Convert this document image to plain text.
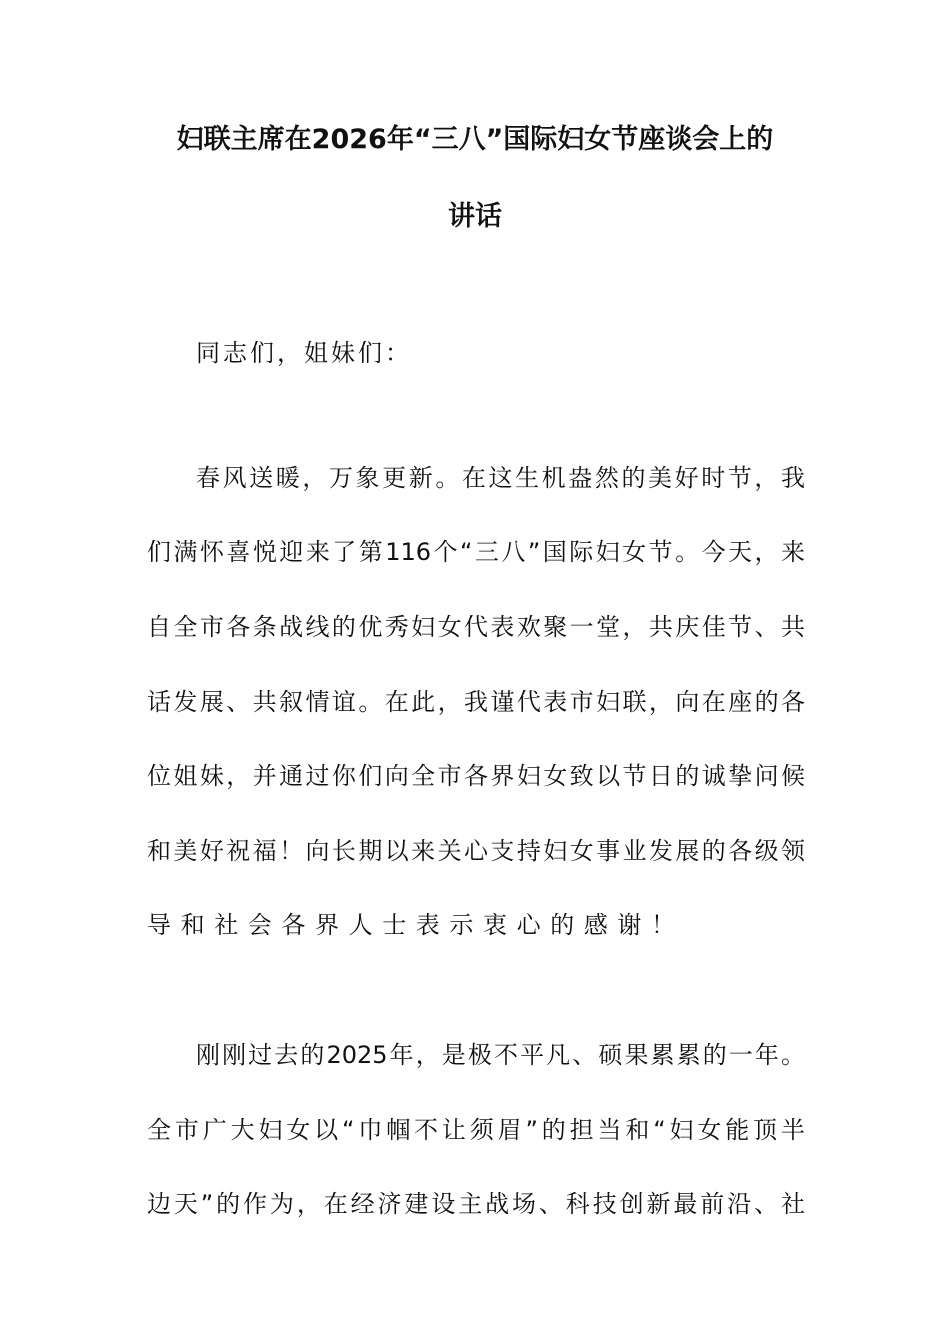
妇联主席在2026年“三八”国际妇女节座谈会上的
讲话
同志们，姐妹们：
春风送暖，万象更新。在这生机盎然的美好时节，我
们满怀喜悦迎来了第116个“三八”国际妇女节。今天，来
自全市各条战线的优秀妇女代表欢聚一堂，共庆佳节、共
话发展、共叙情谊。在此，我谨代表市妇联，向在座的各
位姐妹，并通过你们向全市各界妇女致以节日的诚挚问候
和美好祝福！向长期以来关心支持妇女事业发展的各级领
导和社会各界人士表示衷心的感谢！
刚刚过去的2025年，是极不平凡、硕果累累的一年。
全市广大妇女以“巾帼不让须眉”的担当和“妇女能顶半
边天”的作为，在经济建设主战场、科技创新最前沿、社
